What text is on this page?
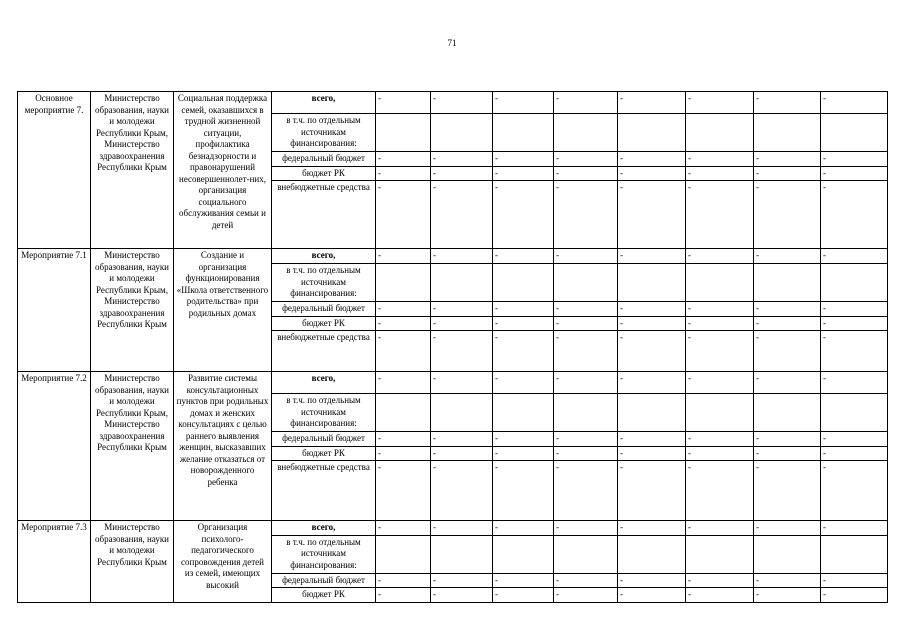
71
Основное мероприятие 7.	Министерство образования, науки и молодежи Республики Крым, Министерство здравоохранения Республики Крым	Социальная поддержка семей, оказавшихся в трудной жизненной ситуации, профилактика безнадзорности и правонарушений несовершеннолет-них, организация социального обслуживания семьи и детей	всего,	-	-	-	-	-	-	-	-
			в т.ч. по отдельным источникам финансирования:								
			федеральный бюджет	-	-	-	-	-	-	-	-
			бюджет РК	-	-	-	-	-	-	-	-
			внебюджетные средства	-	-	-	-	-	-	-	-
Мероприятие 7.1	Министерство образования, науки и молодежи Республики Крым, Министерство здравоохранения Республики Крым	Создание и организация функционирования «Школа ответственного родительства» при родильных домах	всего,	-	-	-	-	-	-	-	-
			в т.ч. по отдельным источникам финансирования:								
			федеральный бюджет	-	-	-	-	-	-	-	-
			бюджет РК	-	-	-	-	-	-	-	-
			внебюджетные средства	-	-	-	-	-	-	-	-
Мероприятие 7.2	Министерство образования, науки и молодежи Республики Крым, Министерство здравоохранения Республики Крым	Развитие системы консультационных пунктов при родильных домах и женских консультациях с целью раннего выявления женщин, высказавших желание отказаться от новорожденного ребенка	всего,	-	-	-	-	-	-	-	-
			в т.ч. по отдельным источникам финансирования:								
			федеральный бюджет	-	-	-	-	-	-	-	-
			бюджет РК	-	-	-	-	-	-	-	-
			внебюджетные средства	-	-	-	-	-	-	-	-
Мероприятие 7.3	Министерство образования, науки и молодежи Республики Крым	Организация психолого-педагогического сопровождения детей из семей, имеющих высокий	всего,	-	-	-	-	-	-	-	-
			в т.ч. по отдельным источникам финансирования:								
			федеральный бюджет	-	-	-	-	-	-	-	-
			бюджет РК	-	-	-	-	-	-	-	-
